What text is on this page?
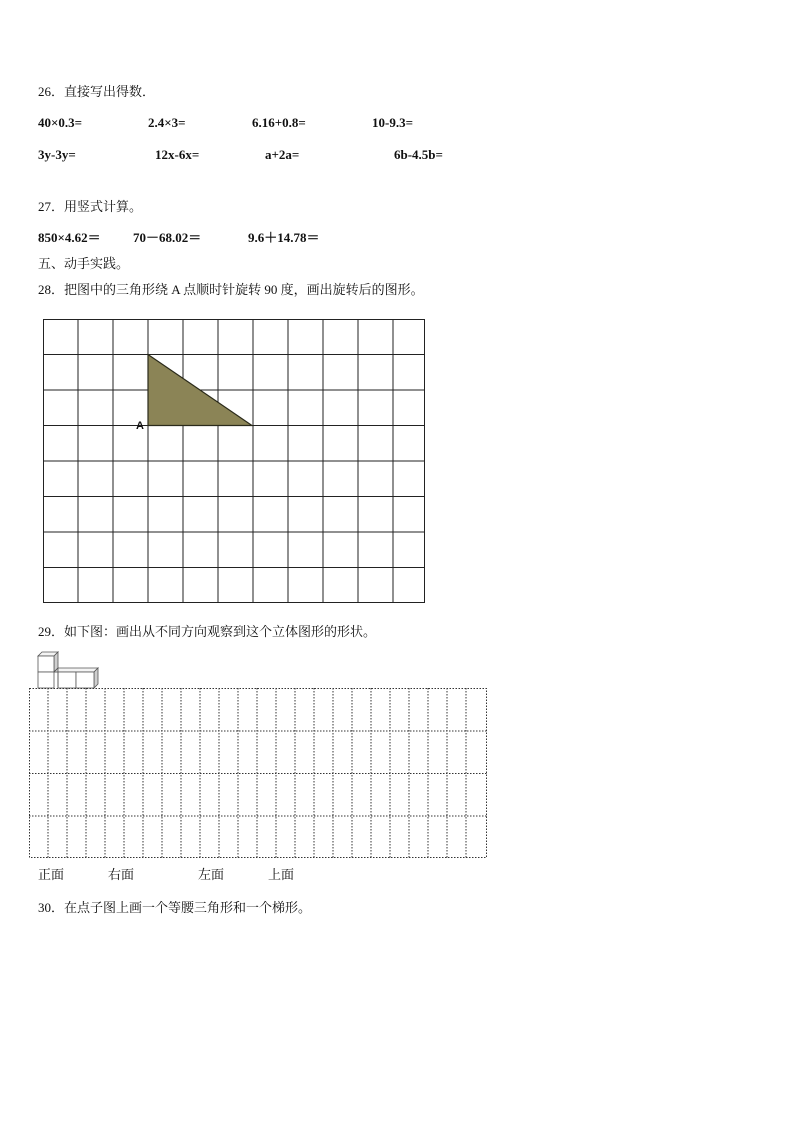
26．直接写出得数．
40×0.3=	2.4×3=	6.16+0.8=	10-9.3=
3y-3y=	12x-6x=	a+2a=	6b-4.5b=
27．用竖式计算。
850×4.62＝ 70－68.02＝	9.6＋14.78＝
五、动手实践。
28．把图中的三角形绕 A 点顺时针旋转 90 度，画出旋转后的图形。
A
29．如下图：画出从不同方向观察到这个立体图形的形状。
正面	右面	左面	上面
30．在点子图上画一个等腰三角形和一个梯形。
